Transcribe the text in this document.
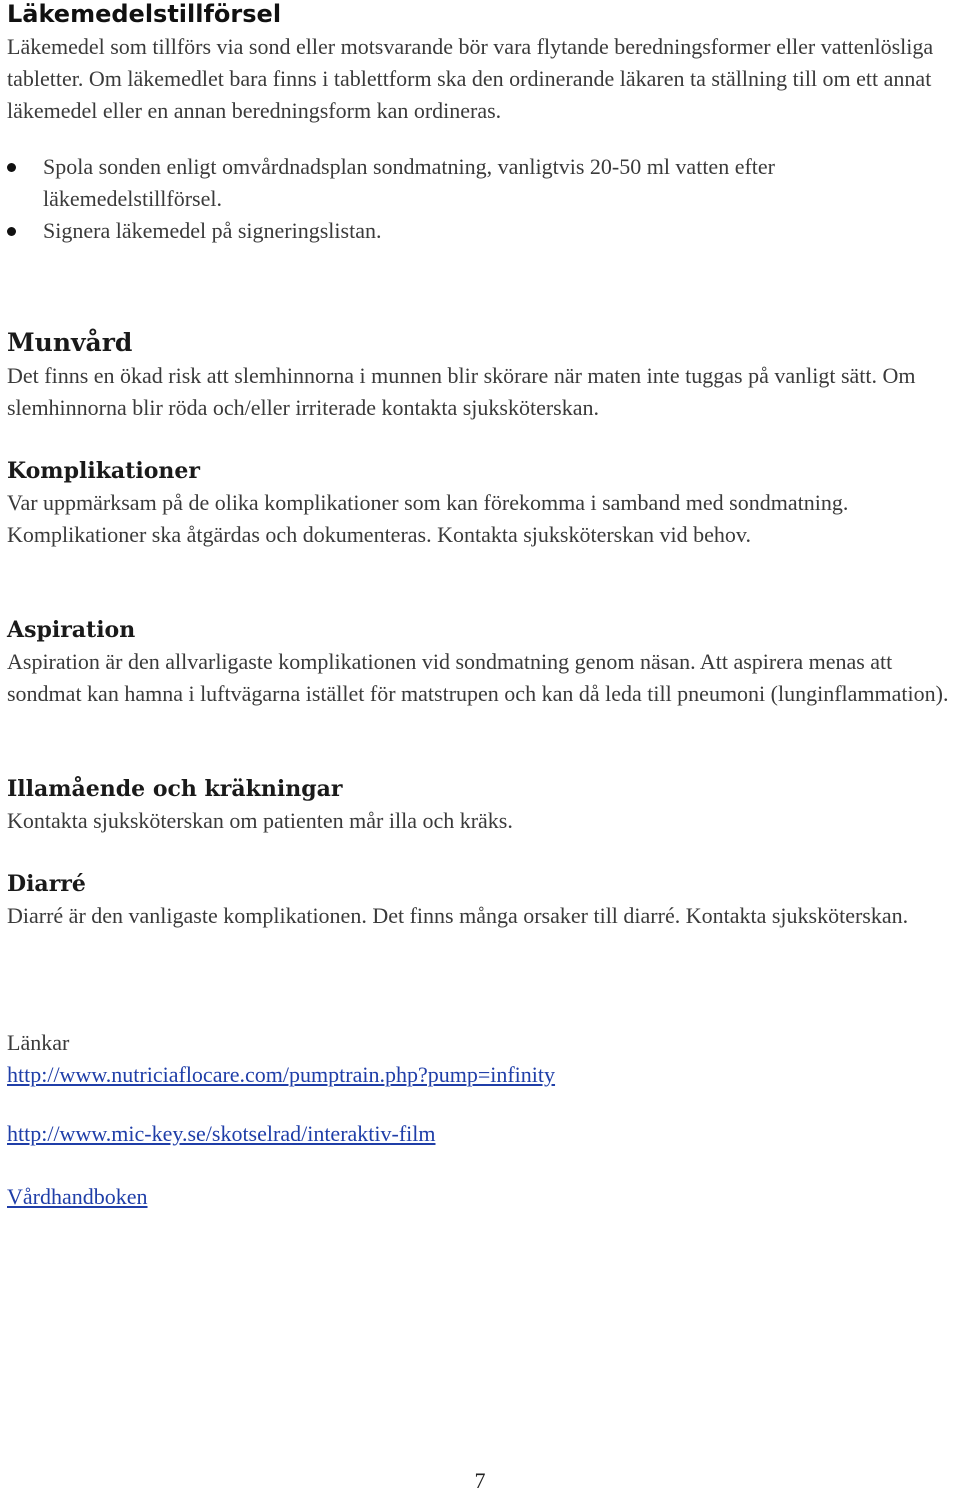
Läkemedelstillförsel

Läkemedel som tillförs via sond eller motsvarande bör vara flytande beredningsformer eller vattenlösliga tabletter. Om läkemedlet bara finns i tablettform ska den ordinerande läkaren ta ställning till om ett annat läkemedel eller en annan beredningsform kan ordineras.

Spola sonden enligt omvårdnadsplan sondmatning, vanligtvis 20-50 ml vatten efter läkemedelstillförsel.
Signera läkemedel på signeringslistan.
Munvård

Det finns en ökad risk att slemhinnorna i munnen blir skörare när maten inte tuggas på vanligt sätt. Om slemhinnorna blir röda och/eller irriterade kontakta sjuksköterskan.

Komplikationer

Var uppmärksam på de olika komplikationer som kan förekomma i samband med sondmatning. Komplikationer ska åtgärdas och dokumenteras. Kontakta sjuksköterskan vid behov.

Aspiration

Aspiration är den allvarligaste komplikationen vid sondmatning genom näsan. Att aspirera menas att sondmat kan hamna i luftvägarna istället för matstrupen och kan då leda till pneumoni (lunginflammation).

Illamående och kräkningar

Kontakta sjuksköterskan om patienten mår illa och kräks.

Diarré

Diarré är den vanligaste komplikationen. Det finns många orsaker till diarré. Kontakta sjuksköterskan.

Länkar

http://www.nutriciaflocare.com/pumptrain.php?pump=infinity
http://www.mic-key.se/skotselrad/interaktiv-film
Vårdhandboken
7
